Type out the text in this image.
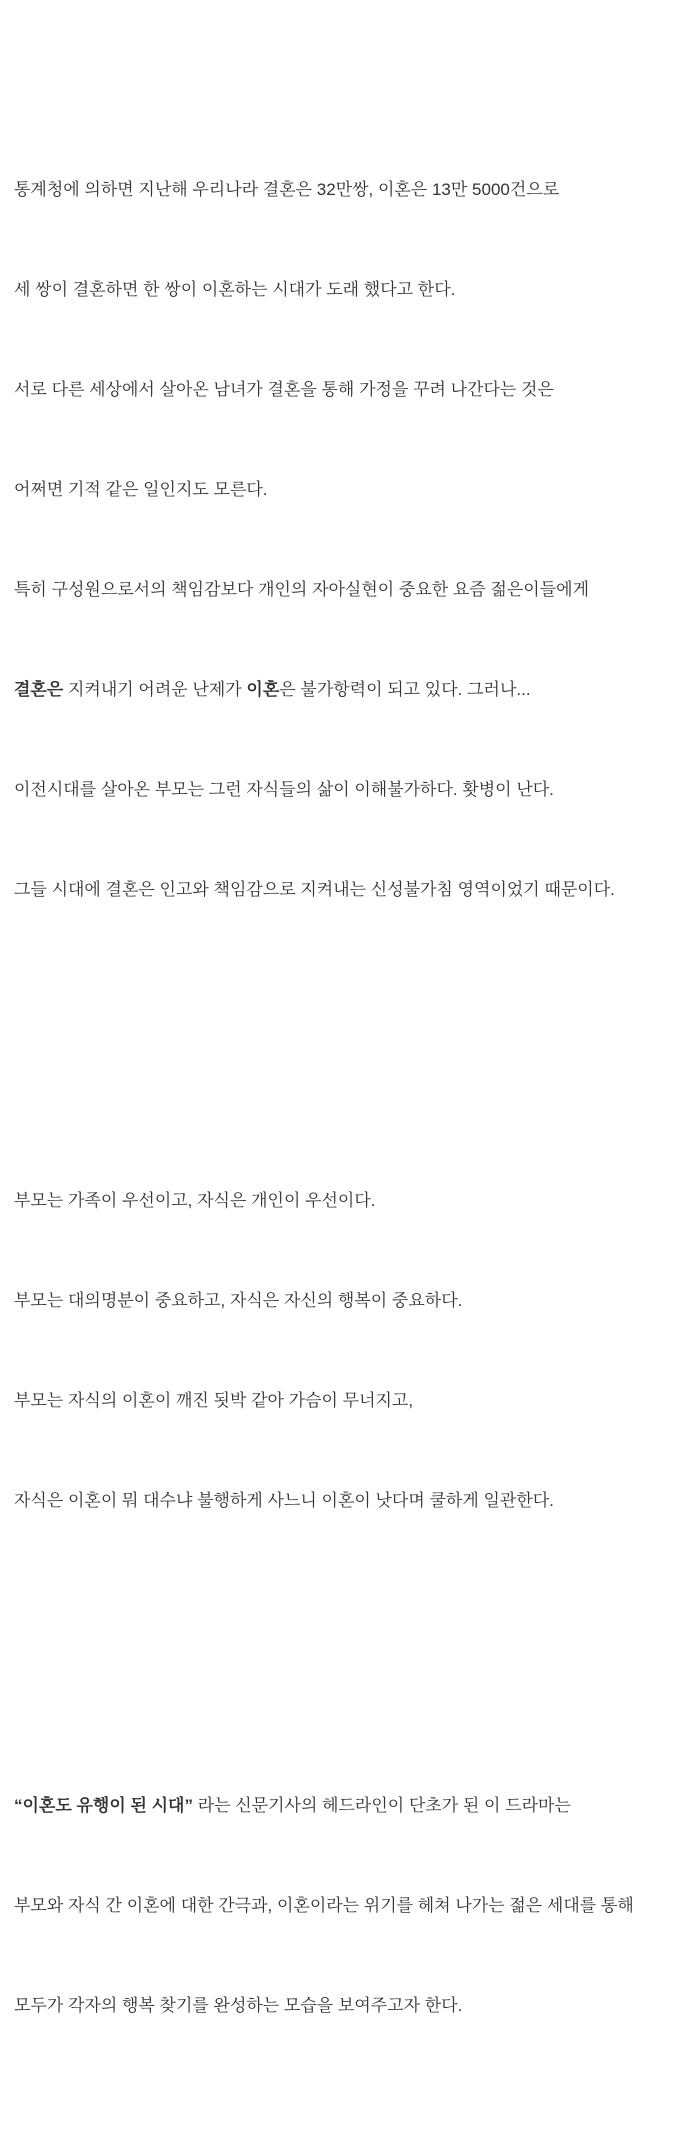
통계청에 의하면 지난해 우리나라 결혼은 32만쌍, 이혼은 13만 5000건으로

세 쌍이 결혼하면 한 쌍이 이혼하는 시대가 도래 했다고 한다.

서로 다른 세상에서 살아온 남녀가 결혼을 통해 가정을 꾸려 나간다는 것은

어쩌면 기적 같은 일인지도 모른다.

특히 구성원으로서의 책임감보다 개인의 자아실현이 중요한 요즘 젊은이들에게

결혼은 지켜내기 어려운 난제가 이혼은 불가항력이 되고 있다. 그러나...

이전시대를 살아온 부모는 그런 자식들의 삶이 이해불가하다. 홧병이 난다.

그들 시대에 결혼은 인고와 책임감으로 지켜내는 신성불가침 영역이었기 때문이다.

부모는 가족이 우선이고, 자식은 개인이 우선이다.

부모는 대의명분이 중요하고, 자식은 자신의 행복이 중요하다.

부모는 자식의 이혼이 깨진 됫박 같아 가슴이 무너지고,

자식은 이혼이 뭐 대수냐 불행하게 사느니 이혼이 낫다며 쿨하게 일관한다.

“이혼도 유행이 된 시대” 라는 신문기사의 헤드라인이 단초가 된 이 드라마는

부모와 자식 간 이혼에 대한 간극과, 이혼이라는 위기를 헤쳐 나가는 젊은 세대를 통해

모두가 각자의 행복 찾기를 완성하는 모습을 보여주고자 한다.
